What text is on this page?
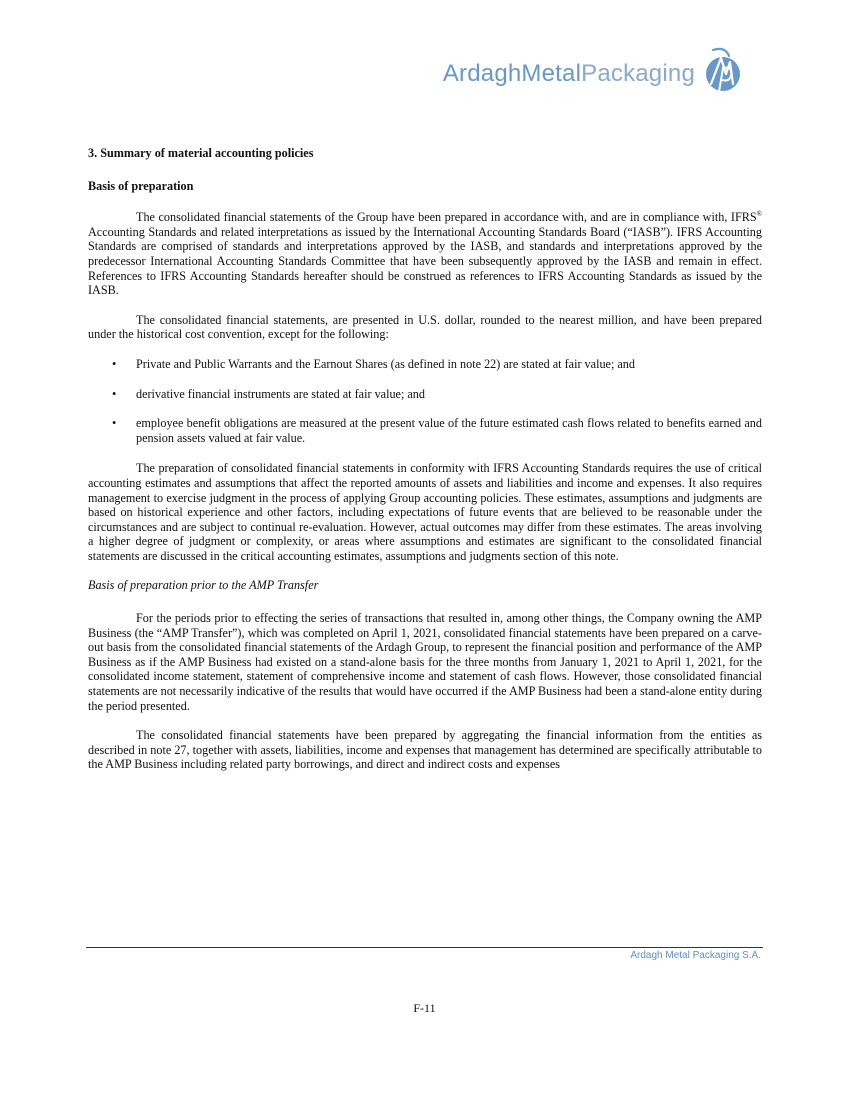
ArdaghMetalPackaging
3. Summary of material accounting policies
Basis of preparation

The consolidated financial statements of the Group have been prepared in accordance with, and are in compliance with, IFRS® Accounting Standards and related interpretations as issued by the International Accounting Standards Board (“IASB”). IFRS Accounting Standards are comprised of standards and interpretations approved by the IASB, and standards and interpretations approved by the predecessor International Accounting Standards Committee that have been subsequently approved by the IASB and remain in effect. References to IFRS Accounting Standards hereafter should be construed as references to IFRS Accounting Standards as issued by the IASB.

The consolidated financial statements, are presented in U.S. dollar, rounded to the nearest million, and have been prepared under the historical cost convention, except for the following:

• Private and Public Warrants and the Earnout Shares (as defined in note 22) are stated at fair value; and
• derivative financial instruments are stated at fair value; and
• employee benefit obligations are measured at the present value of the future estimated cash flows related to benefits earned and pension assets valued at fair value.

The preparation of consolidated financial statements in conformity with IFRS Accounting Standards requires the use of critical accounting estimates and assumptions that affect the reported amounts of assets and liabilities and income and expenses. It also requires management to exercise judgment in the process of applying Group accounting policies. These estimates, assumptions and judgments are based on historical experience and other factors, including expectations of future events that are believed to be reasonable under the circumstances and are subject to continual re-evaluation. However, actual outcomes may differ from these estimates. The areas involving a higher degree of judgment or complexity, or areas where assumptions and estimates are significant to the consolidated financial statements are discussed in the critical accounting estimates, assumptions and judgments section of this note.

Basis of preparation prior to the AMP Transfer

For the periods prior to effecting the series of transactions that resulted in, among other things, the Company owning the AMP Business (the “AMP Transfer”), which was completed on April 1, 2021, consolidated financial statements have been prepared on a carve-out basis from the consolidated financial statements of the Ardagh Group, to represent the financial position and performance of the AMP Business as if the AMP Business had existed on a stand-alone basis for the three months from January 1, 2021 to April 1, 2021, for the consolidated income statement, statement of comprehensive income and statement of cash flows. However, those consolidated financial statements are not necessarily indicative of the results that would have occurred if the AMP Business had been a stand-alone entity during the period presented.

The consolidated financial statements have been prepared by aggregating the financial information from the entities as described in note 27, together with assets, liabilities, income and expenses that management has determined are specifically attributable to the AMP Business including related party borrowings, and direct and indirect costs and expenses

Ardagh Metal Packaging S.A.
F-11
